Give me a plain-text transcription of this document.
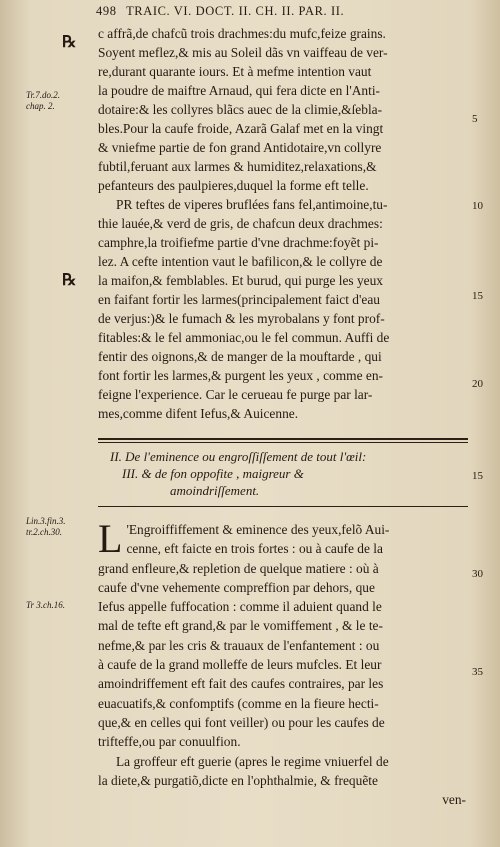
498 TRAIC. VI. DOCT. II. CH. II. PAR. II.
Tr.7.do.2.
chap. 2.
Lin.3.fin.3.
tr.2.ch.30.
Tr 3.ch.16.
℞
℞
5
10
15
20
15
30
35

c affrã,de chafcũ trois drachmes:du mufc,feize grains.
Soyent meflez,& mis au Soleil dãs vn vaiffeau de ver-
re,durant quarante iours. Et à mefme intention vaut
la poudre de maiftre Arnaud, qui fera dicte en l'Anti-
dotaire:& les collyres blãcs auec de la climie,&ſebla-
bles.Pour la caufe froide, Azarã Galaf met en la vingt
& vniefme partie de fon grand Antidotaire,vn collyre
fubtil,feruant aux larmes & humiditez,relaxations,&
pefanteurs des paulpieres,duquel la forme eft telle.

PR teftes de viperes bruflées fans fel,antimoine,tu-
thie lauée,& verd de gris, de chafcun deux drachmes:
camphre,la troifiefme partie d'vne drachme:foyẽt pi-
lez. A cefte intention vaut le bafilicon,& le collyre de
la maifon,& femblables. Et burud, qui purge les yeux
en faifant fortir les larmes(principalement faict d'eau
de verjus:)& le fumach & les myrobalans y font prof-
fitables:& le fel ammoniac,ou le fel commun. Auffi de
fentir des oignons,& de manger de la mouftarde , qui
font fortir les larmes,& purgent les yeux , comme en-
feigne l'experience. Car le cerueau fe purge par lar-
mes,comme difent Iefus,& Auicenne.

II. De l'eminence ou engroſſiſſement de tout l'œil:
III. & de fon oppofite , maigreur &
amoindriſſement.
L 'Engroiffiffement & eminence des yeux,felõ Aui-
cenne, eft faicte en trois fortes : ou à caufe de la
grand enfleure,& repletion de quelque matiere : où à
caufe d'vne vehemente compreffion par dehors, que
Iefus appelle fuffocation : comme il aduient quand le
mal de tefte eft grand,& par le vomiffement , & le te-
nefme,& par les cris & trauaux de l'enfantement : ou
à caufe de la grand molleffe de leurs mufcles. Et leur
amoindriffement eft fait des caufes contraires, par les
euacuatifs,& confomptifs (comme en la fieure hecti-
que,& en celles qui font veiller) ou pour les caufes de
trifteffe,ou par conuulfion.
La groffeur eft guerie (apres le regime vniuerfel de
la diete,& purgatiõ,dicte en l'ophthalmie, & frequẽte
ven-
